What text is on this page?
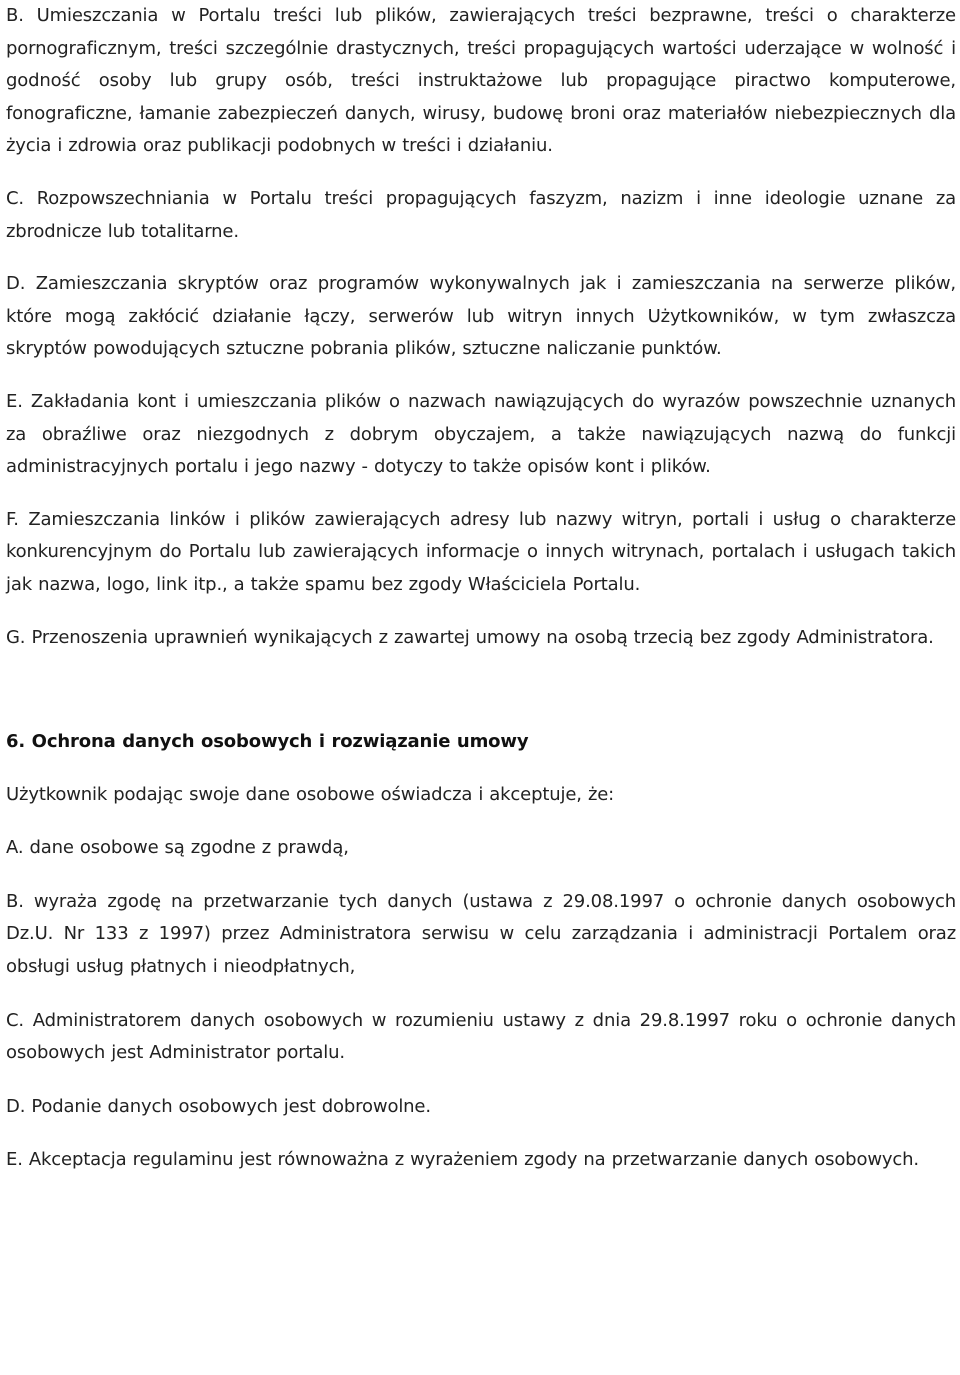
B. Umieszczania w Portalu treści lub plików, zawierających treści bezprawne, treści o charakterze pornograficznym, treści szczególnie drastycznych, treści propagujących wartości uderzające w wolność i godność osoby lub grupy osób, treści instruktażowe lub propagujące piractwo komputerowe, fonograficzne, łamanie zabezpieczeń danych, wirusy, budowę broni oraz materiałów niebezpiecznych dla życia i zdrowia oraz publikacji podobnych w treści i działaniu.

C. Rozpowszechniania w Portalu treści propagujących faszyzm, nazizm i inne ideologie uznane za zbrodnicze lub totalitarne.

D. Zamieszczania skryptów oraz programów wykonywalnych jak i zamieszczania na serwerze plików, które mogą zakłócić działanie łączy, serwerów lub witryn innych Użytkowników, w tym zwłaszcza skryptów powodujących sztuczne pobrania plików, sztuczne naliczanie punktów.

E. Zakładania kont i umieszczania plików o nazwach nawiązujących do wyrazów powszechnie uznanych za obraźliwe oraz niezgodnych z dobrym obyczajem, a także nawiązujących nazwą do funkcji administracyjnych portalu i jego nazwy - dotyczy to także opisów kont i plików.

F. Zamieszczania linków i plików zawierających adresy lub nazwy witryn, portali i usług o charakterze konkurencyjnym do Portalu lub zawierających informacje o innych witrynach, portalach i usługach takich jak nazwa, logo, link itp., a także spamu bez zgody Właściciela Portalu.

G. Przenoszenia uprawnień wynikających z zawartej umowy na osobą trzecią bez zgody Administratora.

6. Ochrona danych osobowych i rozwiązanie umowy

Użytkownik podając swoje dane osobowe oświadcza i akceptuje, że:

A. dane osobowe są zgodne z prawdą,

B. wyraża zgodę na przetwarzanie tych danych (ustawa z 29.08.1997 o ochronie danych osobowych Dz.U. Nr 133 z 1997) przez Administratora serwisu w celu zarządzania i administracji Portalem oraz obsługi usług płatnych i nieodpłatnych,

C. Administratorem danych osobowych w rozumieniu ustawy z dnia 29.8.1997 roku o ochronie danych osobowych jest Administrator portalu.

D. Podanie danych osobowych jest dobrowolne.

E. Akceptacja regulaminu jest równoważna z wyrażeniem zgody na przetwarzanie danych osobowych.
